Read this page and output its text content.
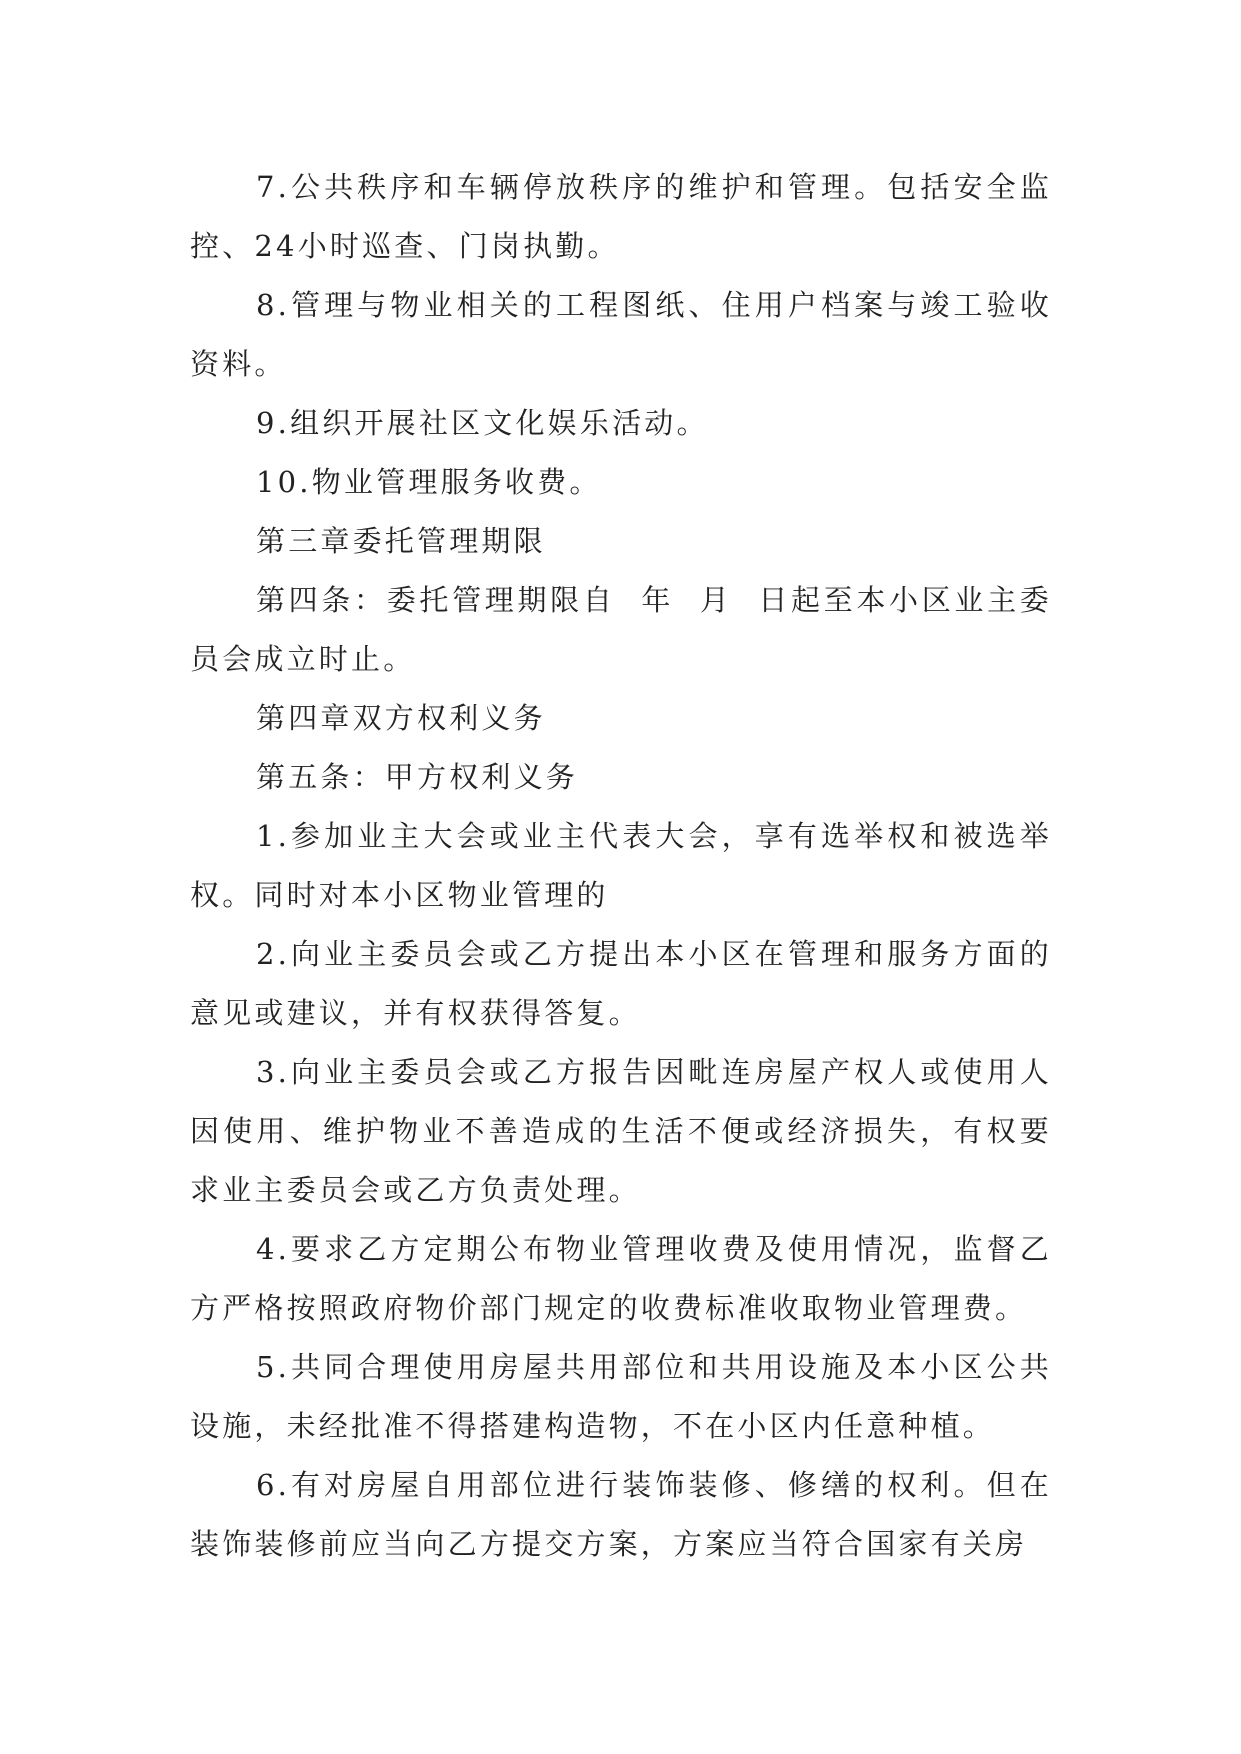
7.公共秩序和车辆停放秩序的维护和管理。包括安全监控、24小时巡查、门岗执勤。

8.管理与物业相关的工程图纸、住用户档案与竣工验收资料。

9.组织开展社区文化娱乐活动。

10.物业管理服务收费。

第三章委托管理期限

第四条：委托管理期限自  年  月  日起至本小区业主委员会成立时止。

第四章双方权利义务

第五条：甲方权利义务

1.参加业主大会或业主代表大会，享有选举权和被选举权。同时对本小区物业管理的

2.向业主委员会或乙方提出本小区在管理和服务方面的意见或建议，并有权获得答复。

3.向业主委员会或乙方报告因毗连房屋产权人或使用人因使用、维护物业不善造成的生活不便或经济损失，有权要求业主委员会或乙方负责处理。

4.要求乙方定期公布物业管理收费及使用情况，监督乙方严格按照政府物价部门规定的收费标准收取物业管理费。

5.共同合理使用房屋共用部位和共用设施及本小区公共设施，未经批准不得搭建构造物，不在小区内任意种植。

6.有对房屋自用部位进行装饰装修、修缮的权利。但在装饰装修前应当向乙方提交方案，方案应当符合国家有关房
